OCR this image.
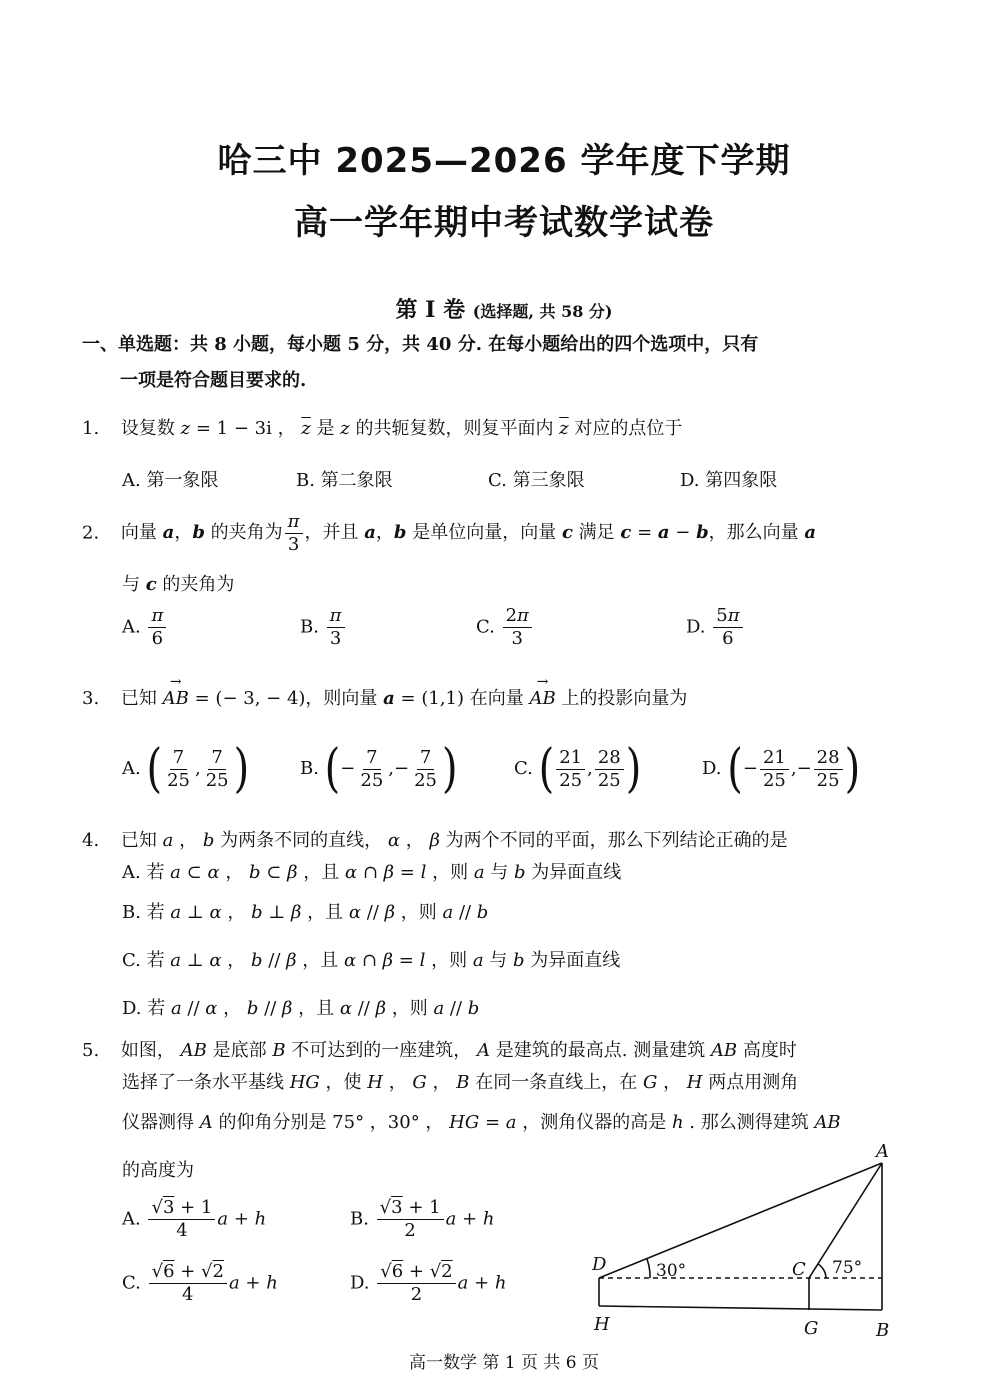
哈三中 2025—2026 学年度下学期
高一学年期中考试数学试卷
第 I 卷 (选择题, 共 58 分)
一、单选题：共 8 小题，每小题 5 分，共 40 分. 在每小题给出的四个选项中，只有
一项是符合题目要求的.
1. 设复数 z = 1 − 3i ， $\overline{z}$ 是 z 的共轭复数，则复平面内 $\overline{z}$ 对应的点位于
A. 第一象限	B. 第二象限	C. 第三象限	D. 第四象限
2. 向量 a，b 的夹角为 $\frac{\pi}{3}$ ，并且 a，b 是单位向量，向量 c 满足 c = a − b，那么向量 a
与 c 的夹角为
A. $\frac{\pi}{6}$	B. $\frac{\pi}{3}$	C. $\frac{2\pi}{3}$	D. $\frac{5\pi}{6}$
3. 已知 → AB = (− 3, − 4)，则向量 a = (1,1) 在向量 → AB 上的投影向量为
A. ( $\frac{7}{25}$ , $\frac{7}{25}$ )	B. (− $\frac{7}{25}$ ,− $\frac{7}{25}$ )	C. ( $\frac{21}{25}$ , $\frac{28}{25}$ )	D. (− $\frac{21}{25}$ ,− $\frac{28}{25}$ )
4. 已知 a ， b 为两条不同的直线， α ， β 为两个不同的平面，那么下列结论正确的是
A. 若 a ⊂ α ， b ⊂ β ，且 α ∩ β = l ，则 a 与 b 为异面直线
B. 若 a ⊥ α ， b ⊥ β ，且 α // β ，则 a // b
C. 若 a ⊥ α ， b // β ，且 α ∩ β = l ，则 a 与 b 为异面直线
D. 若 a // α ， b // β ，且 α // β ，则 a // b
5. 如图， AB 是底部 B 不可达到的一座建筑， A 是建筑的最高点. 测量建筑 AB 高度时
选择了一条水平基线 HG ，使 H ， G ， B 在同一条直线上，在 G ， H 两点用测角
仪器测得 A 的仰角分别是 75° ，30° ， HG = a ，测角仪器的高是 h . 那么测得建筑 AB
的高度为
A. $\frac{√3 + 1}{4}$ a + h	B. $\frac{√3 + 1}{2}$ a + h
C. $\frac{√6 + √2}{4}$ a + h	D. $\frac{√6 + √2}{2}$ a + h
A
D	C
H	G	B
30°	75°
高一数学 第 1 页 共 6 页
